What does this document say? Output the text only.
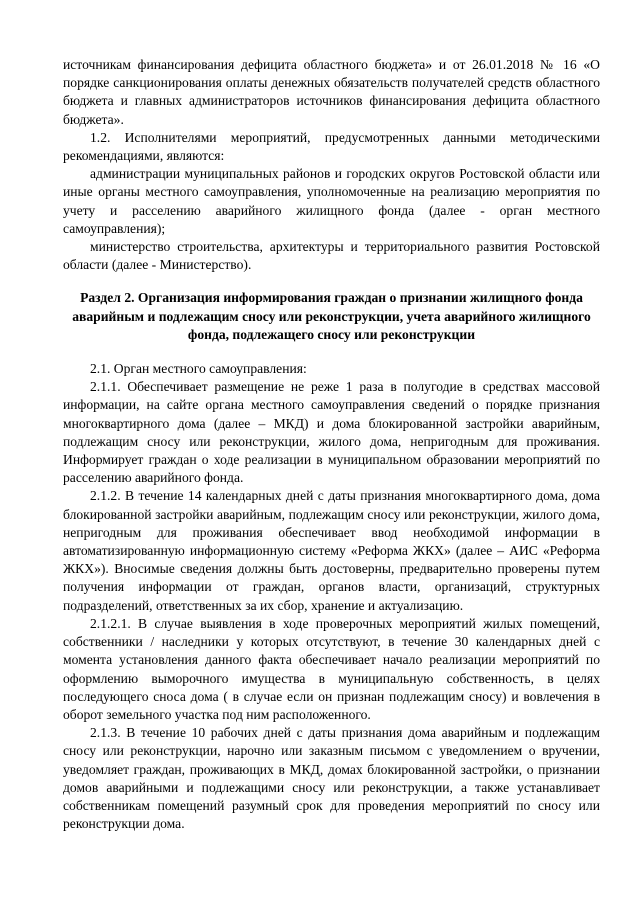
источникам финансирования дефицита областного бюджета» и от 26.01.2018 № 16 «О порядке санкционирования оплаты денежных обязательств получателей средств областного бюджета и главных администраторов источников финансирования дефицита областного бюджета».

1.2. Исполнителями мероприятий, предусмотренных данными методическими рекомендациями, являются:

администрации муниципальных районов и городских округов Ростовской области или иные органы местного самоуправления, уполномоченные на реализацию мероприятия по учету и расселению аварийного жилищного фонда (далее - орган местного самоуправления);

министерство строительства, архитектуры и территориального развития Ростовской области (далее - Министерство).

Раздел 2. Организация информирования граждан о признании жилищного фонда аварийным и подлежащим сносу или реконструкции, учета аварийного жилищного фонда, подлежащего сносу или реконструкции

2.1. Орган местного самоуправления:

2.1.1. Обеспечивает размещение не реже 1 раза в полугодие в средствах массовой информации, на сайте органа местного самоуправления сведений о порядке признания многоквартирного дома (далее – МКД) и дома блокированной застройки аварийным, подлежащим сносу или реконструкции, жилого дома, непригодным для проживания. Информирует граждан о ходе реализации в муниципальном образовании мероприятий по расселению аварийного фонда.

2.1.2. В течение 14 календарных дней с даты признания многоквартирного дома, дома блокированной застройки аварийным, подлежащим сносу или реконструкции, жилого дома, непригодным для проживания обеспечивает ввод необходимой информации в автоматизированную информационную систему «Реформа ЖКХ» (далее – АИС «Реформа ЖКХ»). Вносимые сведения должны быть достоверны, предварительно проверены путем получения информации от граждан, органов власти, организаций, структурных подразделений, ответственных за их сбор, хранение и актуализацию.

2.1.2.1. В случае выявления в ходе проверочных мероприятий жилых помещений, собственники / наследники у которых отсутствуют, в течение 30 календарных дней с момента установления данного факта обеспечивает начало реализации мероприятий по оформлению выморочного имущества в муниципальную собственность, в целях последующего сноса дома ( в случае если он признан подлежащим сносу) и вовлечения в оборот земельного участка под ним расположенного.

2.1.3. В течение 10 рабочих дней с даты признания дома аварийным и подлежащим сносу или реконструкции, нарочно или заказным письмом с уведомлением о вручении, уведомляет граждан, проживающих в МКД, домах блокированной застройки, о признании домов аварийными и подлежащими сносу или реконструкции, а также устанавливает собственникам помещений разумный срок для проведения мероприятий по сносу или реконструкции дома.
